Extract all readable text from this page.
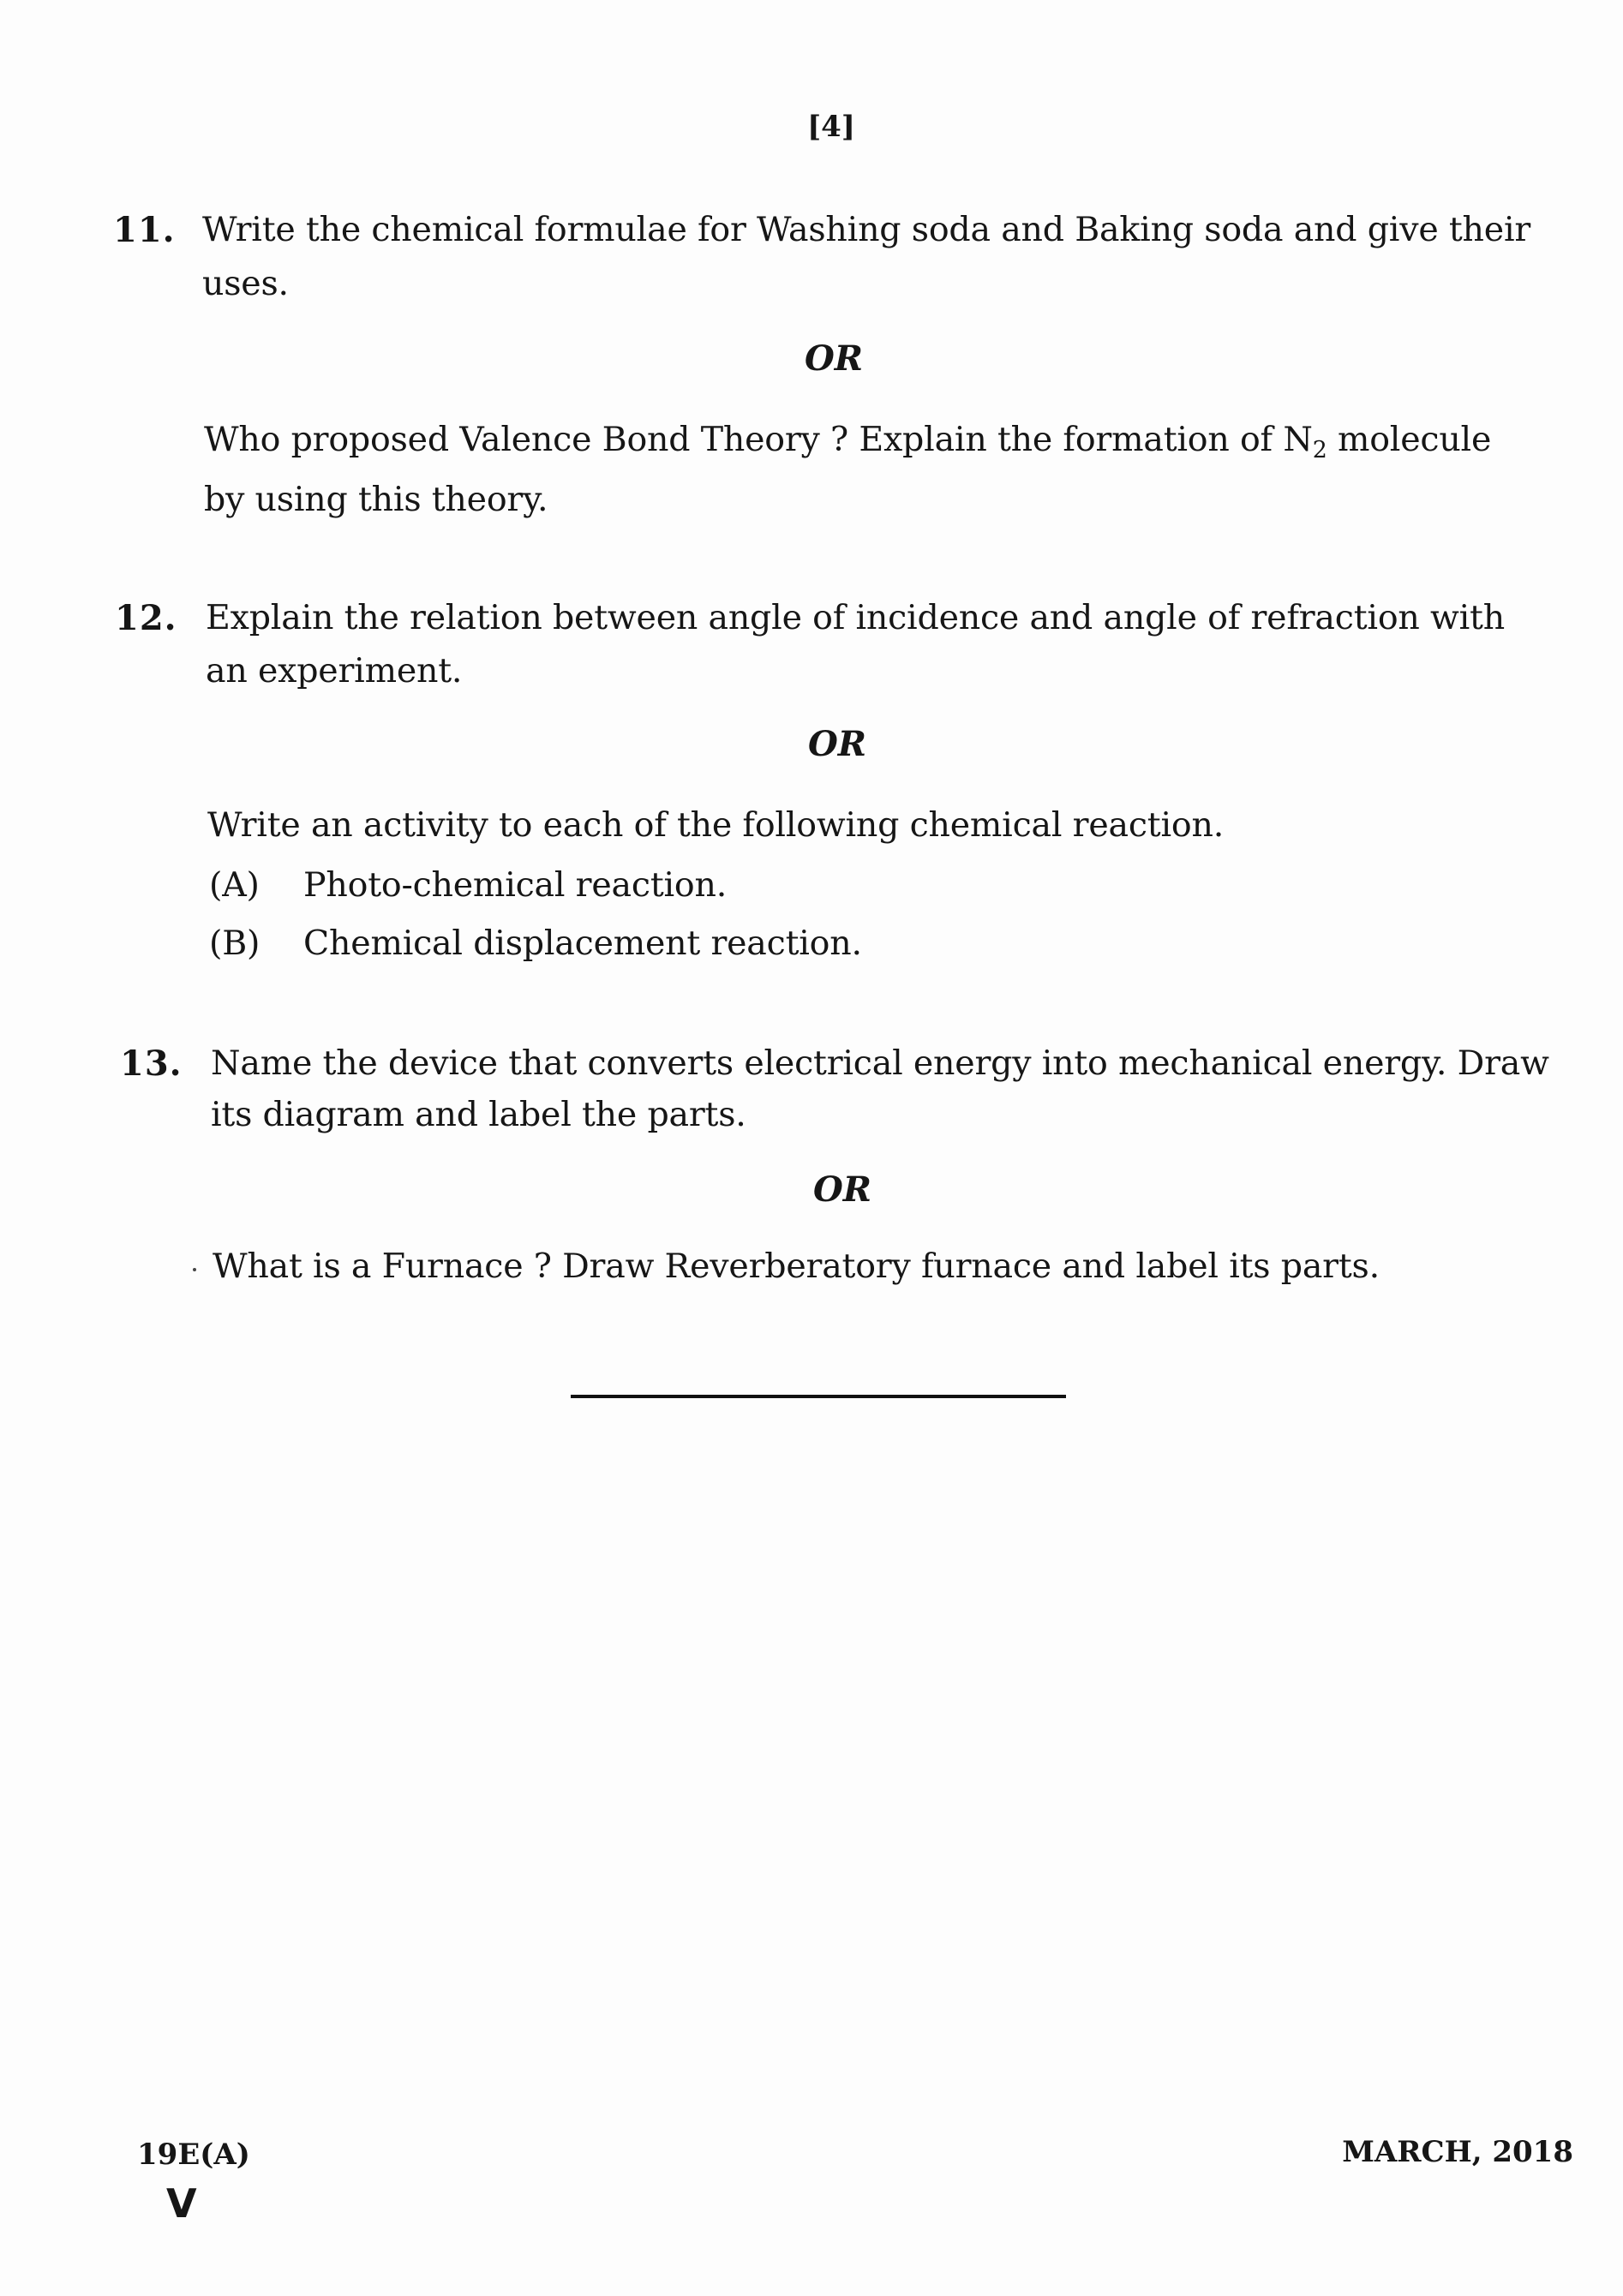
[4]
11. Write the chemical formulae for Washing soda and Baking soda and give their
uses.
OR
Who proposed Valence Bond Theory ? Explain the formation of $N_2$ molecule
by using this theory.
12. Explain the relation between angle of incidence and angle of refraction with
an experiment.
OR
Write an activity to each of the following chemical reaction.
(A) Photo-chemical reaction.
(B) Chemical displacement reaction.
13. Name the device that converts electrical energy into mechanical energy. Draw
its diagram and label the parts.
OR
What is a Furnace ? Draw Reverberatory furnace and label its parts.
19E(A)
V
MARCH, 2018
